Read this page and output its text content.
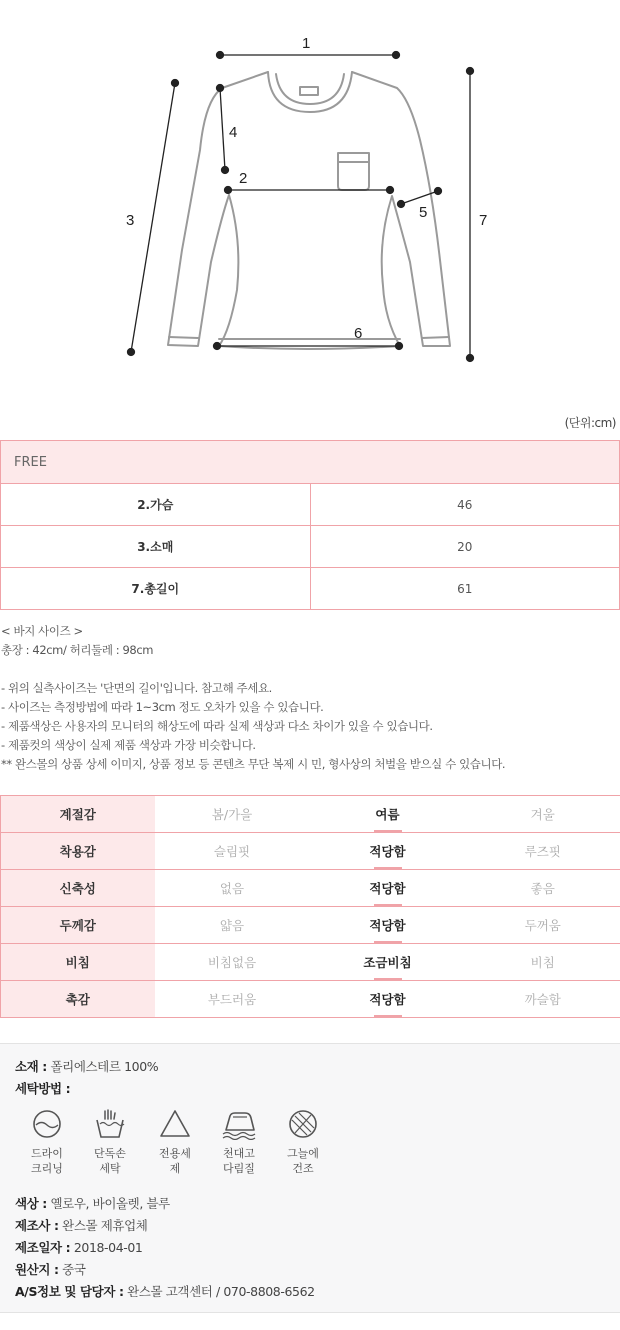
1
2
3
4
5
6
7
(단위:cm)
FREE	
2.가슴	46
3.소매	20
7.총길이	61

< 바지 사이즈 >

총장 : 42cm/ 허리둘레 : 98cm

- 위의 실측사이즈는 '단면의 길이'입니다. 참고해 주세요.

- 사이즈는 측정방법에 따라 1~3cm 정도 오차가 있을 수 있습니다.

- 제품색상은 사용자의 모니터의 해상도에 따라 실제 색상과 다소 차이가 있을 수 있습니다.

- 제품컷의 색상이 실제 제품 색상과 가장 비슷합니다.

** 완스몰의 상품 상세 이미지, 상품 정보 등 콘텐츠 무단 복제 시 민, 형사상의 처벌을 받으실 수 있습니다.

계절감	봄/가을	여름	겨울
착용감	슬림핏	적당함	루즈핏
신축성	없음	적당함	좋음
두께감	얇음	적당함	두꺼움
비침	비침없음	조금비침	비침
촉감	부드러움	적당함	까슬함
소재 : 폴리에스테르 100%
세탁방법 :
드라이크리닝
단독손세탁
전용세제
천대고다림질
그늘에건조
색상 : 옐로우, 바이올렛, 블루
제조사 : 완스몰 제휴업체
제조일자 : 2018-04-01
원산지 : 중국
A/S정보 및 담당자 : 완스몰 고객센터 / 070-8808-6562
